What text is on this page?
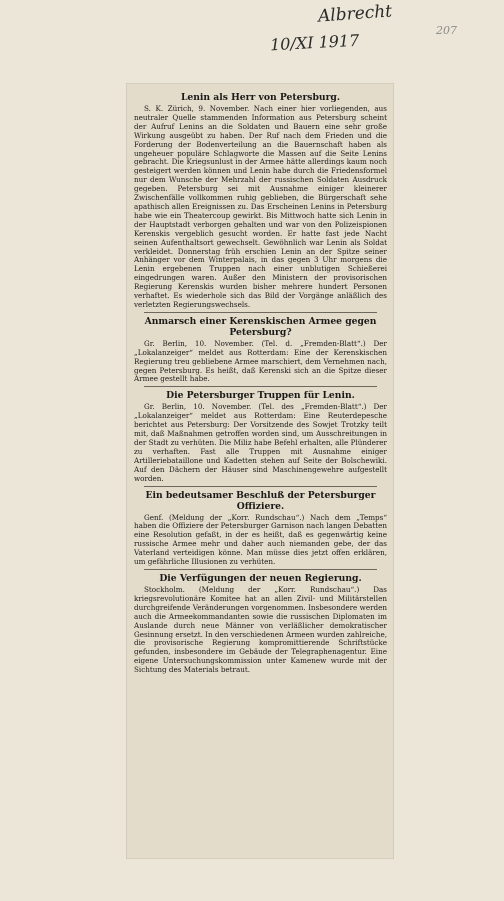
Albrecht
10/XI 1917
207
Lenin als Herr von Petersburg.

S. K. Zürich, 9. November. Nach einer hier vorliegenden, aus neutraler Quelle stammenden Information aus Petersburg scheint der Aufruf Lenins an die Soldaten und Bauern eine sehr große Wirkung ausgeübt zu haben. Der Ruf nach dem Frieden und die Forderung der Bodenverteilung an die Bauernschaft haben als ungeheuer populäre Schlagworte die Massen auf die Seite Lenins gebracht. Die Kriegsunlust in der Armee hätte allerdings kaum noch gesteigert werden können und Lenin habe durch die Friedensformel nur dem Wunsche der Mehrzahl der russischen Soldaten Ausdruck gegeben. Petersburg sei mit Ausnahme einiger kleinerer Zwischenfälle vollkommen ruhig geblieben, die Bürgerschaft sehe apathisch allen Ereignissen zu. Das Erscheinen Lenins in Petersburg habe wie ein Theatercoup gewirkt. Bis Mittwoch hatte sich Lenin in der Hauptstadt verborgen gehalten und war von den Polizeispionen Kerenskis vergeblich gesucht worden. Er hatte fast jede Nacht seinen Aufenthaltsort gewechselt. Gewöhnlich war Lenin als Soldat verkleidet. Donnerstag früh erschien Lenin an der Spitze seiner Anhänger vor dem Winterpalais, in das gegen 3 Uhr morgens die Lenin ergebenen Truppen nach einer unblutigen Schießerei eingedrungen waren. Außer den Ministern der provisorischen Regierung Kerenskis wurden bisher mehrere hundert Personen verhaftet. Es wiederhole sich das Bild der Vorgänge anläßlich des verletzten Regierungswechsels.

Anmarsch einer Kerenskischen Armee gegen Petersburg?

Gr. Berlin, 10. November. (Tel. d. „Fremden-Blatt“.) Der „Lokalanzeiger“ meldet aus Rotterdam: Eine der Kerenskischen Regierung treu gebliebene Armee marschiert, dem Vernehmen nach, gegen Petersburg. Es heißt, daß Kerenski sich an die Spitze dieser Armee gestellt habe.

Die Petersburger Truppen für Lenin.

Gr. Berlin, 10. November. (Tel. des „Fremden-Blatt“.) Der „Lokalanzeiger“ meldet aus Rotterdam: Eine Reuterdepesche berichtet aus Petersburg: Der Vorsitzende des Sowjet Trotzky teilt mit, daß Maßnahmen getroffen worden sind, um Ausschreitungen in der Stadt zu verhüten. Die Miliz habe Befehl erhalten, alle Plünderer zu verhaften. Fast alle Truppen mit Ausnahme einiger Artilleriebataillone und Kadetten stehen auf Seite der Bolschewiki. Auf den Dächern der Häuser sind Maschinengewehre aufgestellt worden.

Ein bedeutsamer Beschluß der Petersburger Offiziere.

Genf. (Meldung der „Korr. Rundschau“.) Nach dem „Temps“ haben die Offiziere der Petersburger Garnison nach langen Debatten eine Resolution gefaßt, in der es heißt, daß es gegenwärtig keine russische Armee mehr und daher auch niemanden gebe, der das Vaterland verteidigen könne. Man müsse dies jetzt offen erklären, um gefährliche Illusionen zu verhüten.

Die Verfügungen der neuen Regierung.

Stockholm. (Meldung der „Korr. Rundschau“.) Das kriegsrevolutionäre Komitee hat an allen Zivil- und Militärstellen durchgreifende Veränderungen vorgenommen. Insbesondere werden auch die Armeekommandanten sowie die russischen Diplomaten im Auslande durch neue Männer von verläßlicher demokratischer Gesinnung ersetzt. In den verschiedenen Armeen wurden zahlreiche, die provisorische Regierung kompromittierende Schriftstücke gefunden, insbesondere im Gebäude der Telegraphenagentur. Eine eigene Untersuchungskommission unter Kamenew wurde mit der Sichtung des Materials betraut.
